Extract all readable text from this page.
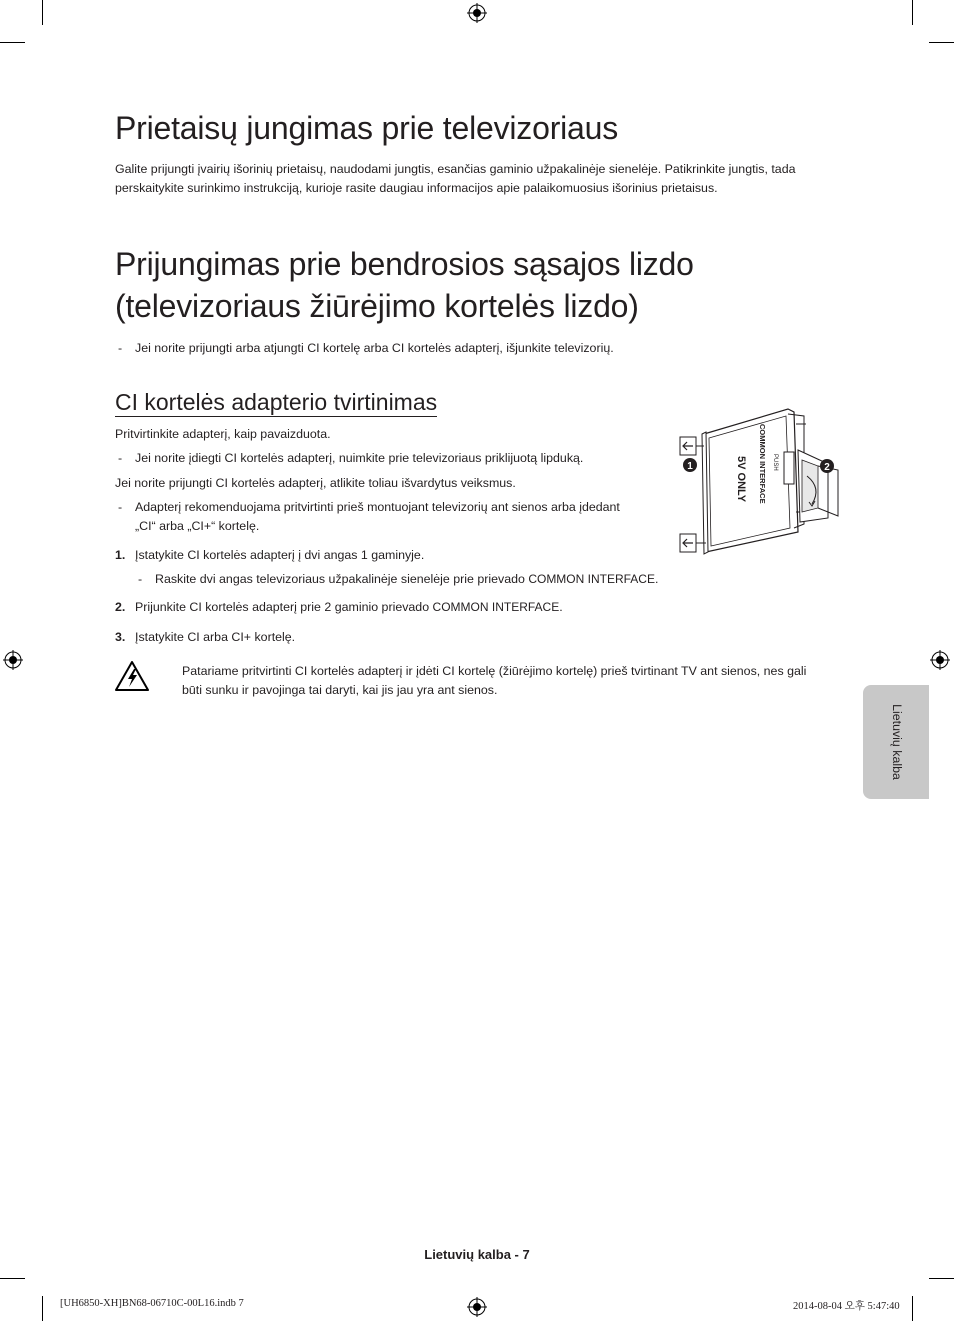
Prietaisų jungimas prie televizoriaus
Galite prijungti įvairių išorinių prietaisų, naudodami jungtis, esančias gaminio užpakalinėje sienelėje. Patikrinkite jungtis, tada
perskaitykite surinkimo instrukciją, kurioje rasite daugiau informacijos apie palaikomuosius išorinius prietaisus.
Prijungimas prie bendrosios sąsajos lizdo
(televizoriaus žiūrėjimo kortelės lizdo)
- Jei norite prijungti arba atjungti CI kortelę arba CI kortelės adapterį, išjunkite televizorių.
CI kortelės adapterio tvirtinimas
Pritvirtinkite adapterį, kaip pavaizduota.
- Jei norite įdiegti CI kortelės adapterį, nuimkite prie televizoriaus priklijuotą lipduką.
Jei norite prijungti CI kortelės adapterį, atlikite toliau išvardytus veiksmus.
- Adapterį rekomenduojama pritvirtinti prieš montuojant televizorių ant sienos arba įdedant
„CI“ arba „CI+“ kortelę.
1. Įstatykite CI kortelės adapterį į dvi angas 1 gaminyje.
- Raskite dvi angas televizoriaus užpakalinėje sienelėje prie prievado COMMON INTERFACE.
2. Prijunkite CI kortelės adapterį prie 2 gaminio prievado COMMON INTERFACE.
3. Įstatykite CI arba CI+ kortelę.
Patariame pritvirtinti CI kortelės adapterį ir įdėti CI kortelę (žiūrėjimo kortelę) prieš tvirtinant TV ant sienos, nes gali
būti sunku ir pavojinga tai daryti, kai jis jau yra ant sienos.
1	2
5V ONLY COMMON INTERFACE PUSH
Lietuvių kalba
Lietuvių kalba - 7
[UH6850-XH]BN68-06710C-00L16.indb 7	2014-08-04 오후 5:47:40
